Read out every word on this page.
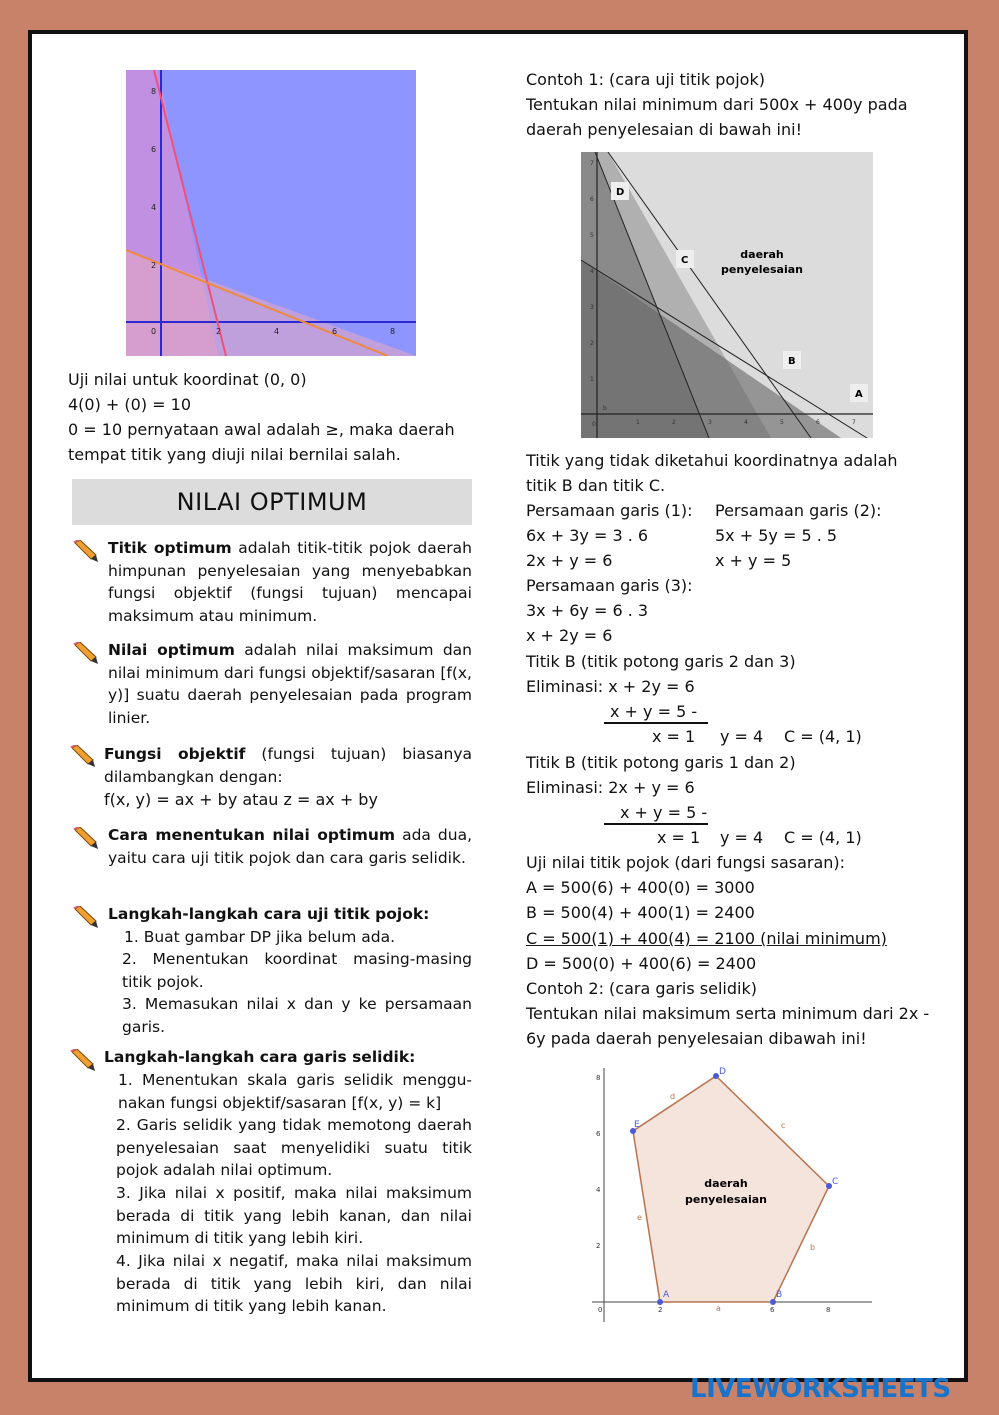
0	2	4	6	8
2
4
6
8
Uji nilai untuk koordinat (0, 0)
4(0) + (0) = 10
0 = 10 pernyataan awal adalah ≥, maka daerah
tempat titik yang diuji nilai bernilai salah.
NILAI OPTIMUM
Titik optimum adalah titik-titik pojok daerah himpunan penyelesaian yang menyebabkan fungsi objektif (fungsi tujuan) mencapai maksimum atau minimum.
Nilai optimum adalah nilai maksimum dan nilai minimum dari fungsi objektif/sasaran [f(x, y)] suatu daerah penyelesaian pada program linier.
Fungsi objektif (fungsi tujuan) biasanya dilambangkan dengan:
f(x, y) = ax + by atau z = ax + by
Cara menentukan nilai optimum ada dua, yaitu cara uji titik pojok dan cara garis selidik.
Langkah-langkah cara uji titik pojok:
1. Buat gambar DP jika belum ada.
2. Menentukan koordinat masing-masing titik pojok.
3. Memasukan nilai x dan y ke persamaan garis.
Langkah-langkah cara garis selidik:
1. Menentukan skala garis selidik menggu-nakan fungsi objektif/sasaran [f(x, y) = k]
2. Garis selidik yang tidak memotong daerah penyelesaian saat menyelidiki suatu titik pojok adalah nilai optimum.
3. Jika nilai x positif, maka nilai maksimum berada di titik yang lebih kanan, dan nilai minimum di titik yang lebih kiri.
4. Jika nilai x negatif, maka nilai maksimum berada di titik yang lebih kiri, dan nilai minimum di titik yang lebih kanan.
Contoh 1: (cara uji titik pojok)
Tentukan nilai minimum dari 500x + 400y pada
daerah penyelesaian di bawah ini!
0
b
1	2	3	4	5	6	7
1
2
3
4
5
6
7
D
C
B
A
daerah
penyelesaian
Titik yang tidak diketahui koordinatnya adalah
titik B dan titik C.
Persamaan garis (1): Persamaan garis (2):
6x + 3y = 3 . 6	5x + 5y = 5 . 5
2x + y = 6	x + y = 5
Persamaan garis (3):
3x + 6y = 6 . 3
x + 2y = 6
Titik B (titik potong garis 2 dan 3)
Eliminasi: x + 2y = 6
x + y = 5 -
x = 1 y = 4 C = (4, 1)
Titik B (titik potong garis 1 dan 2)
Eliminasi: 2x + y = 6
x + y = 5 -
x = 1 y = 4 C = (4, 1)
Uji nilai titik pojok (dari fungsi sasaran):
A = 500(6) + 400(0) = 3000
B = 500(4) + 400(1) = 2400
C = 500(1) + 400(4) = 2100 (nilai minimum)
D = 500(0) + 400(6) = 2400
Contoh 2: (cara garis selidik)
Tentukan nilai maksimum serta minimum dari 2x -
6y pada daerah penyelesaian dibawah ini!
A	B
C
D
E
a
b
c
d
e
0	2	6	8
2
4
6
8
daerah
penyelesaian
LIVEWORKSHEETS
